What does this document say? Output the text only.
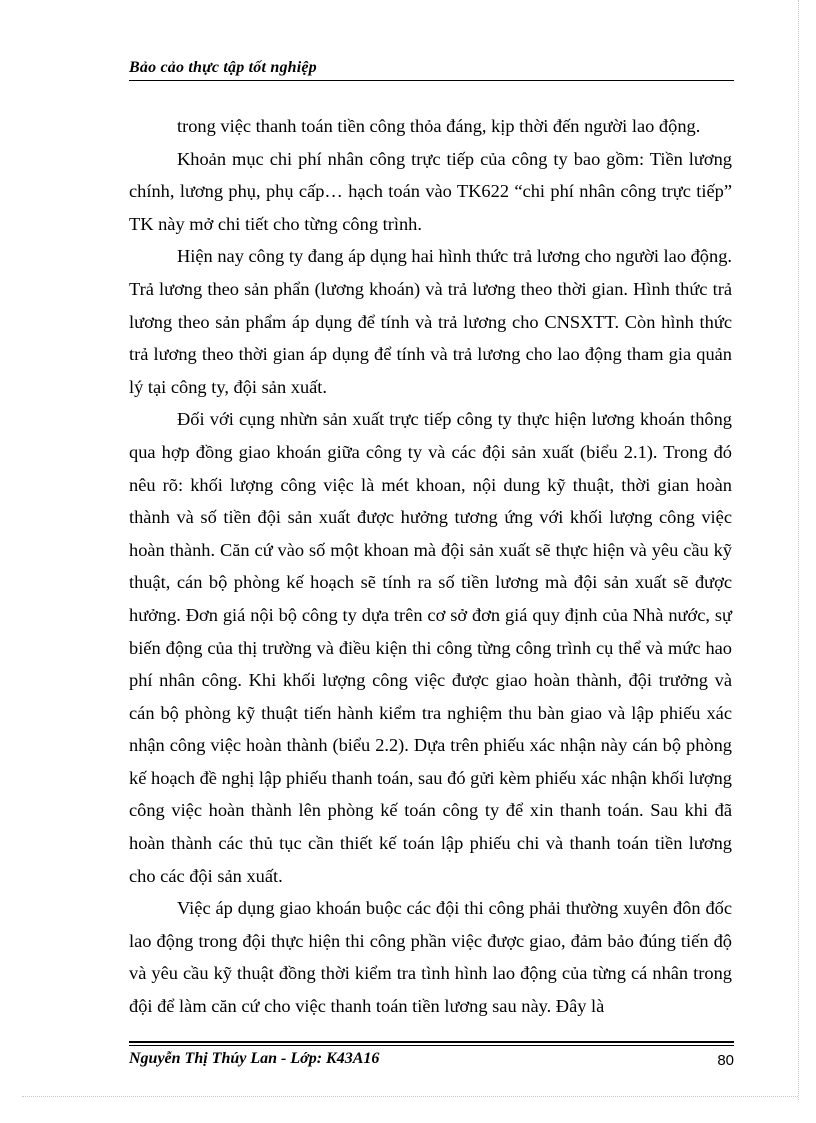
Bảo cảo thực tập tốt nghiệp

trong việc thanh toán tiền công thỏa đáng, kịp thời đến người lao động.

Khoản mục chi phí nhân công trực tiếp của công ty bao gồm: Tiền lương chính, lương phụ, phụ cấp… hạch toán vào TK622 “chi phí nhân công trực tiếp” TK này mở chi tiết cho từng công trình.

Hiện nay công ty đang áp dụng hai hình thức trả lương cho người lao động. Trả lương theo sản phẩn (lương khoán) và trả lương theo thời gian. Hình thức trả lương theo sản phẩm áp dụng để tính và trả lương cho CNSXTT. Còn hình thức trả lương theo thời gian áp dụng để tính và trả lương cho lao động tham gia quản lý tại công ty, đội sản xuất.

Đối với cụng nhừn sản xuất trực tiếp công ty thực hiện lương khoán thông qua hợp đồng giao khoán giữa công ty và các đội sản xuất (biểu 2.1). Trong đó nêu rõ: khối lượng công việc là mét khoan, nội dung kỹ thuật, thời gian hoàn thành và số tiền đội sản xuất được hưởng tương ứng với khối lượng công việc hoàn thành. Căn cứ vào số một khoan mà đội sản xuất sẽ thực hiện và yêu cầu kỹ thuật, cán bộ phòng kế hoạch sẽ tính ra số tiền lương mà đội sản xuất sẽ được hưởng. Đơn giá nội bộ công ty dựa trên cơ sở đơn giá quy định của Nhà nước, sự biến động của thị trường và điều kiện thi công từng công trình cụ thể và mức hao phí nhân công. Khi khối lượng công việc được giao hoàn thành, đội trưởng và cán bộ phòng kỹ thuật tiến hành kiểm tra nghiệm thu bàn giao và lập phiếu xác nhận công việc hoàn thành (biểu 2.2). Dựa trên phiếu xác nhận này cán bộ phòng kế hoạch đề nghị lập phiếu thanh toán, sau đó gửi kèm phiếu xác nhận khối lượng công việc hoàn thành lên phòng kế toán công ty để xin thanh toán. Sau khi đã hoàn thành các thủ tục cần thiết kế toán lập phiếu chi và thanh toán tiền lương cho các đội sản xuất.

Việc áp dụng giao khoán buộc các đội thi công phải thường xuyên đôn đốc lao động trong đội thực hiện thi công phần việc được giao, đảm bảo đúng tiến độ và yêu cầu kỹ thuật đồng thời kiểm tra tình hình lao động của từng cá nhân trong đội để làm căn cứ cho việc thanh toán tiền lương sau này. Đây là

Nguyễn Thị Thúy Lan - Lớp: K43A16	80
